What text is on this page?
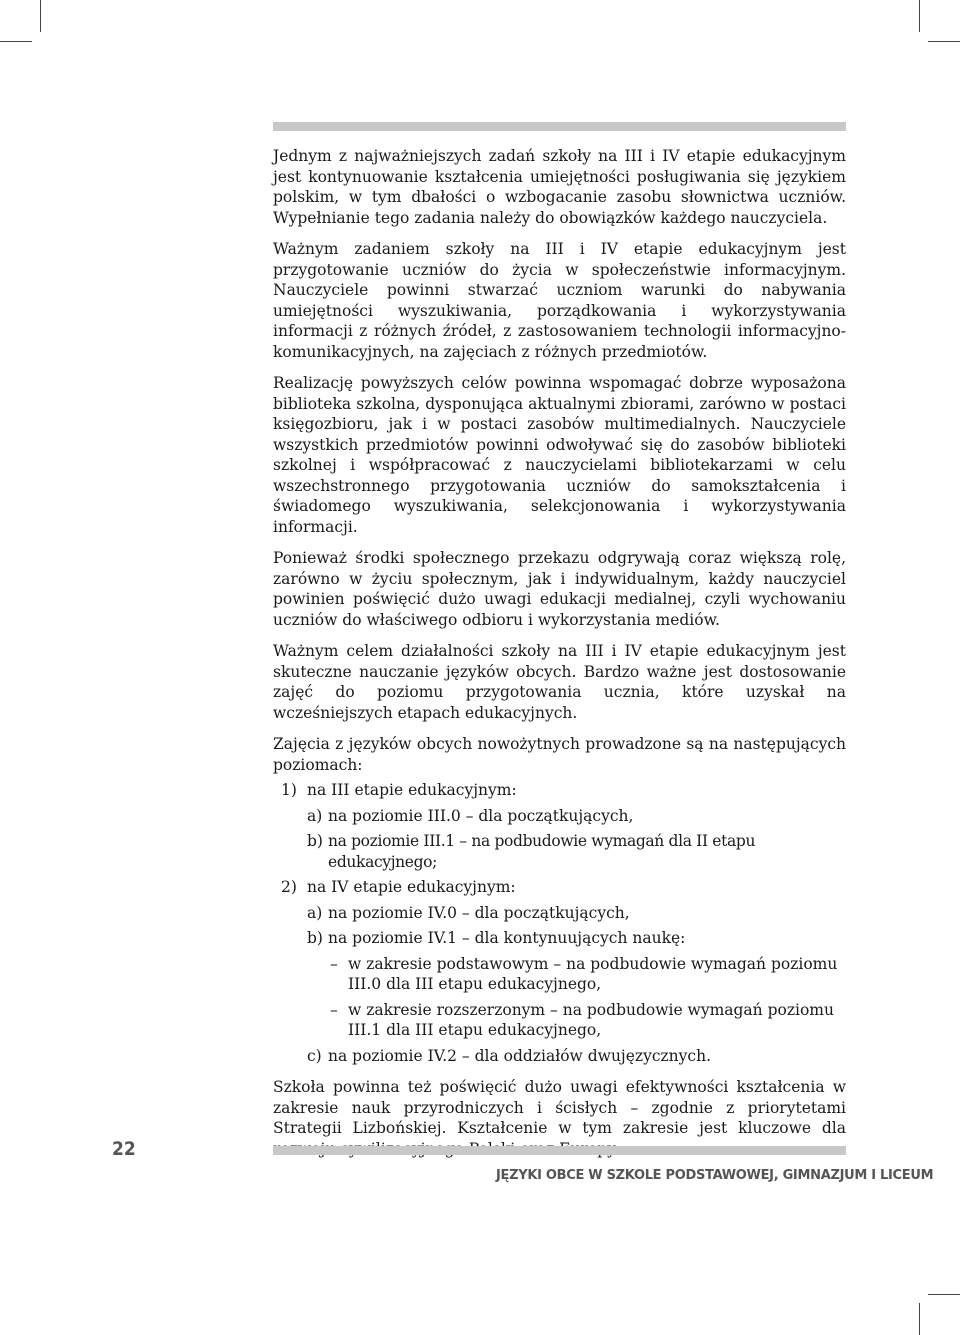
Jednym z najważniejszych zadań szkoły na III i IV etapie edukacyjnym jest kontynuowanie kształcenia umiejętności posługiwania się językiem polskim, w tym dbałości o wzbogacanie zasobu słownictwa uczniów. Wypełnianie tego zadania należy do obowiązków każdego nauczyciela.

Ważnym zadaniem szkoły na III i IV etapie edukacyjnym jest przygotowanie uczniów do życia w społeczeństwie informacyjnym. Nauczyciele powinni stwarzać uczniom warunki do nabywania umiejętności wyszukiwania, porządkowania i wykorzystywania informacji z różnych źródeł, z zastosowaniem technologii informacyjno-komunikacyjnych, na zajęciach z różnych przedmiotów.

Realizację powyższych celów powinna wspomagać dobrze wyposażona biblioteka szkolna, dysponująca aktualnymi zbiorami, zarówno w postaci księgozbioru, jak i w postaci zasobów multimedialnych. Nauczyciele wszystkich przedmiotów powinni odwoływać się do zasobów biblioteki szkolnej i współpracować z nauczycielami bibliotekarzami w celu wszechstronnego przygotowania uczniów do samokształcenia i świadomego wyszukiwania, selekcjonowania i wykorzystywania informacji.

Ponieważ środki społecznego przekazu odgrywają coraz większą rolę, zarówno w życiu społecznym, jak i indywidualnym, każdy nauczyciel powinien poświęcić dużo uwagi edukacji medialnej, czyli wychowaniu uczniów do właściwego odbioru i wykorzystania mediów.

Ważnym celem działalności szkoły na III i IV etapie edukacyjnym jest skuteczne nauczanie języków obcych. Bardzo ważne jest dostosowanie zajęć do poziomu przygotowania ucznia, które uzyskał na wcześniejszych etapach edukacyjnych.

Zajęcia z języków obcych nowożytnych prowadzone są na następujących poziomach:

1) na III etapie edukacyjnym:
a) na poziomie III.0 – dla początkujących,
b) na poziomie III.1 – na podbudowie wymagań dla II etapu edukacyjnego;
2) na IV etapie edukacyjnym:
a) na poziomie IV.0 – dla początkujących,
b) na poziomie IV.1 – dla kontynuujących naukę:
– w zakresie podstawowym – na podbudowie wymagań poziomu III.0 dla III etapu edukacyjnego,
– w zakresie rozszerzonym – na podbudowie wymagań poziomu III.1 dla III etapu edukacyjnego,
c) na poziomie IV.2 – dla oddziałów dwujęzycznych.

Szkoła powinna też poświęcić dużo uwagi efektywności kształcenia w zakresie nauk przyrodniczych i ścisłych – zgodnie z priorytetami Strategii Lizbońskiej. Kształcenie w tym zakresie jest kluczowe dla

22
JĘZYKI OBCE W SZKOLE PODSTAWOWEJ, GIMNAZJUM I LICEUM
